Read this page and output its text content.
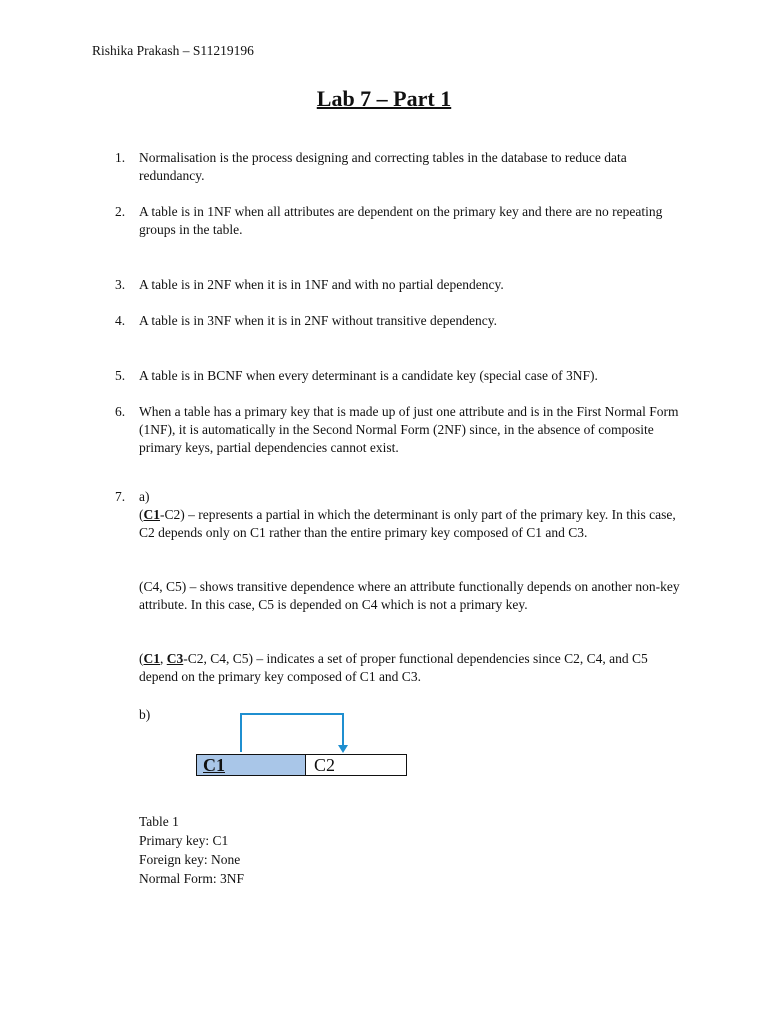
Rishika Prakash – S11219196
Lab 7 – Part 1
1. Normalisation is the process designing and correcting tables in the database to reduce data redundancy.
2. A table is in 1NF when all attributes are dependent on the primary key and there are no repeating groups in the table.
3. A table is in 2NF when it is in 1NF and with no partial dependency.
4. A table is in 3NF when it is in 2NF without transitive dependency.
5. A table is in BCNF when every determinant is a candidate key (special case of 3NF).
6. When a table has a primary key that is made up of just one attribute and is in the First Normal Form (1NF), it is automatically in the Second Normal Form (2NF) since, in the absence of composite primary keys, partial dependencies cannot exist.
7. a)
(C1-C2) – represents a partial in which the determinant is only part of the primary key. In this case, C2 depends only on C1 rather than the entire primary key composed of C1 and C3.
(C4, C5) – shows transitive dependence where an attribute functionally depends on another non-key attribute. In this case, C5 is depended on C4 which is not a primary key.
(C1, C3-C2, C4, C5) – indicates a set of proper functional dependencies since C2, C4, and C5 depend on the primary key composed of C1 and C3.
b)
C1	C2
Table 1
Primary key: C1
Foreign key: None
Normal Form: 3NF
